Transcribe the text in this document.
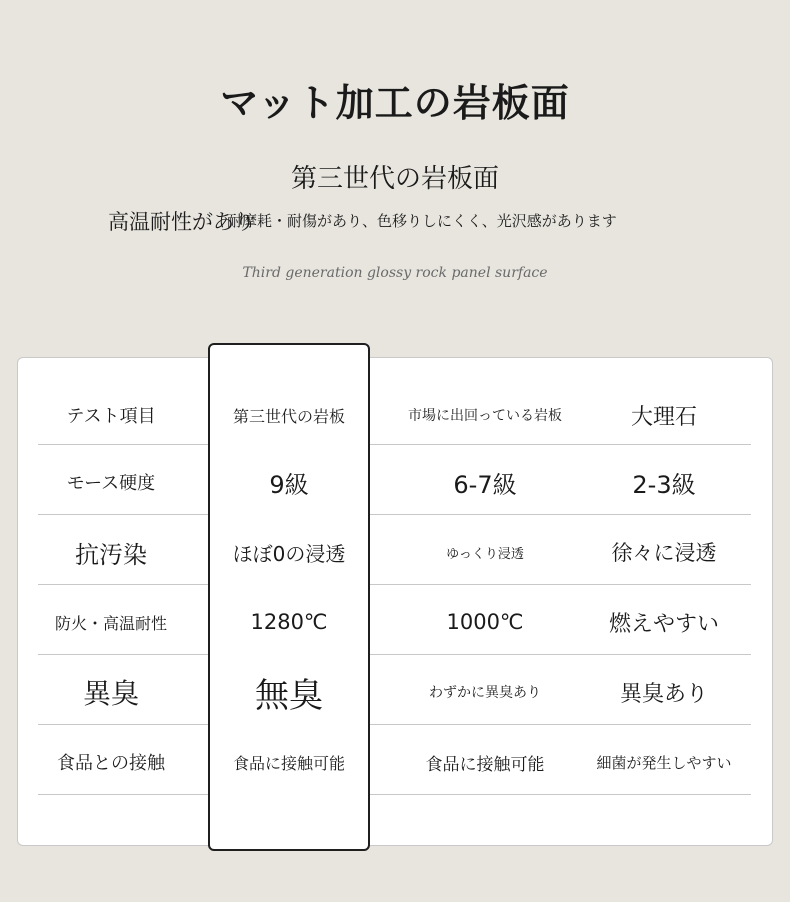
マット加工の岩板面
第三世代の岩板面
高温耐性があり
耐摩耗・耐傷があり、色移りしにくく、光沢感があります
Third generation glossy rock panel surface
テスト項目	第三世代の岩板	市場に出回っている岩板	大理石
モース硬度	9級	6-7級	2-3級
抗汚染	ほぼ0の浸透	ゆっくり浸透	徐々に浸透
防火・高温耐性	1280℃	1000℃	燃えやすい
異臭	無臭	わずかに異臭あり	異臭あり
食品との接触	食品に接触可能	食品に接触可能	細菌が発生しやすい
